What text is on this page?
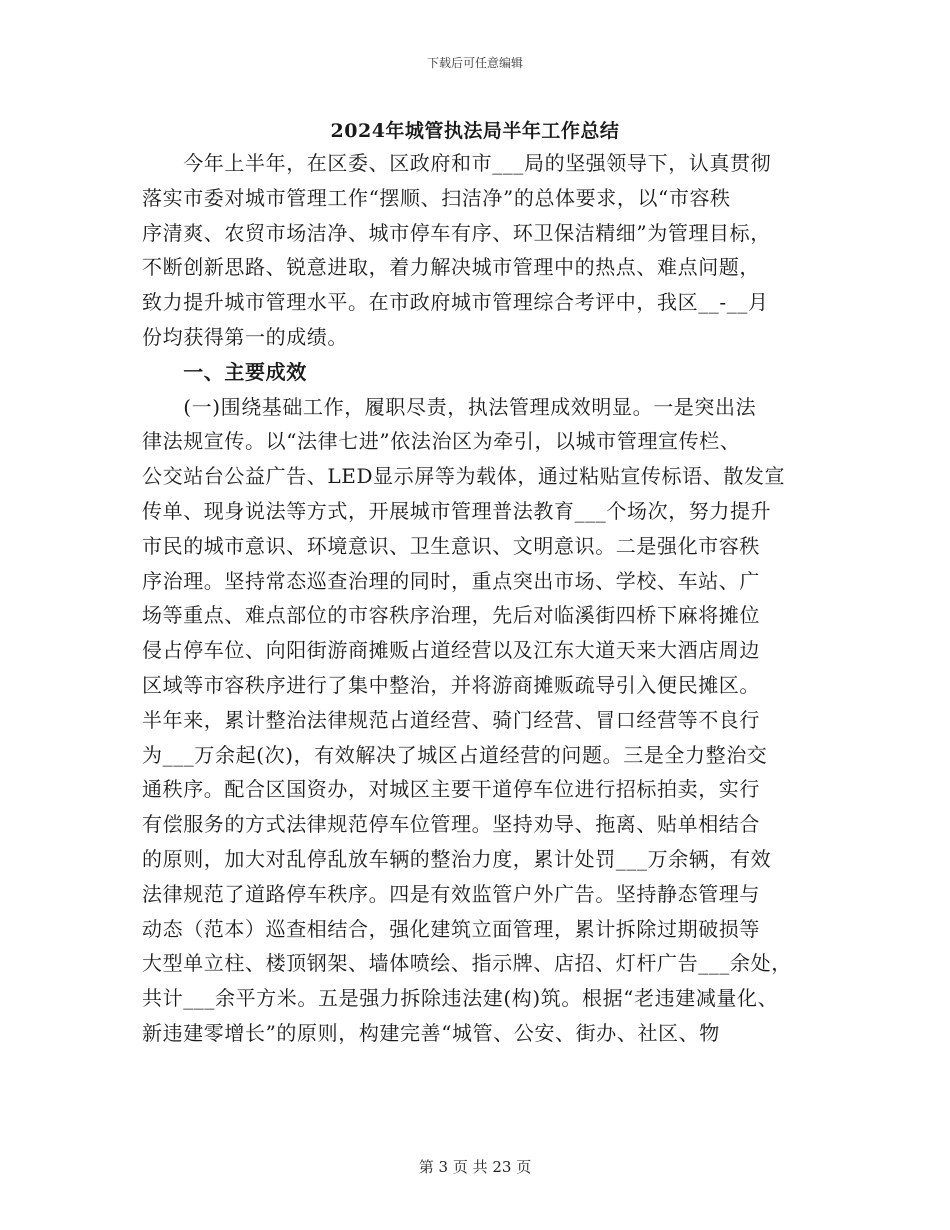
下载后可任意编辑
2024年城管执法局半年工作总结
　　今年上半年，在区委、区政府和市___局的坚强领导下，认真贯彻
落实市委对城市管理工作“摆顺、扫洁净”的总体要求，以“市容秩
序清爽、农贸市场洁净、城市停车有序、环卫保洁精细”为管理目标，
不断创新思路、锐意进取，着力解决城市管理中的热点、难点问题，
致力提升城市管理水平。在市政府城市管理综合考评中，我区__-__月
份均获得第一的成绩。
　　一、主要成效
　　(一)围绕基础工作，履职尽责，执法管理成效明显。一是突出法
律法规宣传。以“法律七进”依法治区为牵引，以城市管理宣传栏、
公交站台公益广告、LED显示屏等为载体，通过粘贴宣传标语、散发宣
传单、现身说法等方式，开展城市管理普法教育___个场次，努力提升
市民的城市意识、环境意识、卫生意识、文明意识。二是强化市容秩
序治理。坚持常态巡查治理的同时，重点突出市场、学校、车站、广
场等重点、难点部位的市容秩序治理，先后对临溪街四桥下麻将摊位
侵占停车位、向阳街游商摊贩占道经营以及江东大道天来大酒店周边
区域等市容秩序进行了集中整治，并将游商摊贩疏导引入便民摊区。
半年来，累计整治法律规范占道经营、骑门经营、冒口经营等不良行
为___万余起(次)，有效解决了城区占道经营的问题。三是全力整治交
通秩序。配合区国资办，对城区主要干道停车位进行招标拍卖，实行
有偿服务的方式法律规范停车位管理。坚持劝导、拖离、贴单相结合
的原则，加大对乱停乱放车辆的整治力度，累计处罚___万余辆，有效
法律规范了道路停车秩序。四是有效监管户外广告。坚持静态管理与
动态（范本）巡查相结合，强化建筑立面管理，累计拆除过期破损等
大型单立柱、楼顶钢架、墙体喷绘、指示牌、店招、灯杆广告___余处，
共计___余平方米。五是强力拆除违法建(构)筑。根据“老违建减量化、
新违建零增长”的原则，构建完善“城管、公安、街办、社区、物
第 3 页 共 23 页
